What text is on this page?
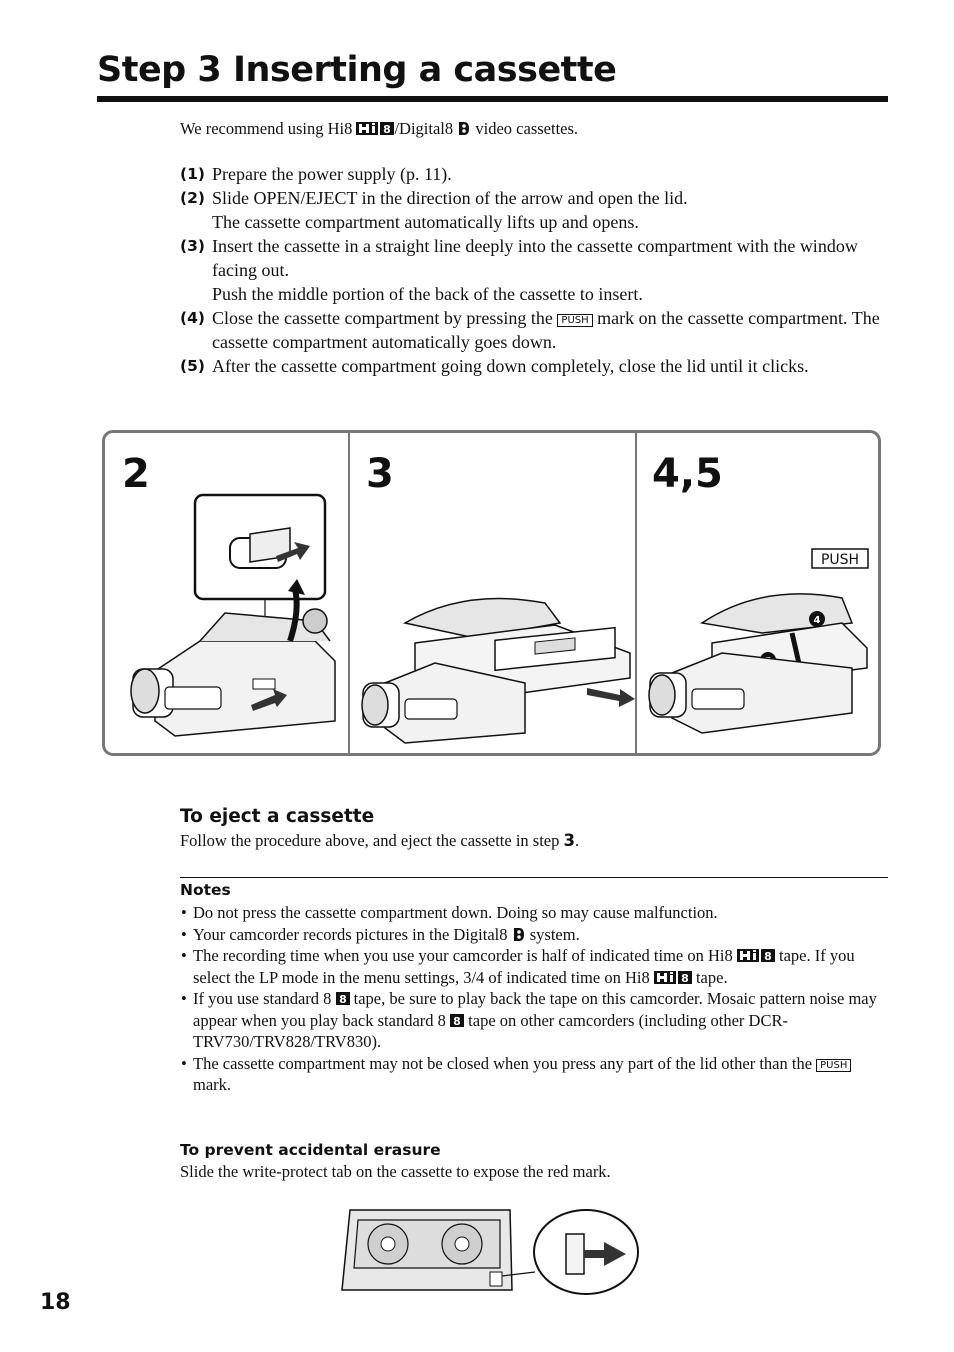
Step 3 Inserting a cassette
We recommend using Hi8 8 /Digital8  video cassettes.
(1) Prepare the power supply (p. 11).
(2) Slide OPEN/EJECT in the direction of the arrow and open the lid.
The cassette compartment automatically lifts up and opens.
(3) Insert the cassette in a straight line deeply into the cassette compartment with the window facing out.
Push the middle portion of the back of the cassette to insert.
(4) Close the cassette compartment by pressing the PUSH mark on the cassette compartment. The cassette compartment automatically goes down.
(5) After the cassette compartment going down completely, close the lid until it clicks.
2	3	4,5
PUSH
4
To eject a cassette
Follow the procedure above, and eject the cassette in step 3.
Notes
• Do not press the cassette compartment down. Doing so may cause malfunction.
• Your camcorder records pictures in the Digital8  system.
• The recording time when you use your camcorder is half of indicated time on Hi8 8 tape. If you select the LP mode in the menu settings, 3/4 of indicated time on Hi8 8 tape.
• If you use standard 8 8 tape, be sure to play back the tape on this camcorder. Mosaic pattern noise may appear when you play back standard 8 8 tape on other camcorders (including other DCR-TRV730/TRV828/TRV830).
• The cassette compartment may not be closed when you press any part of the lid other than the PUSH mark.
To prevent accidental erasure
Slide the write-protect tab on the cassette to expose the red mark.
18
